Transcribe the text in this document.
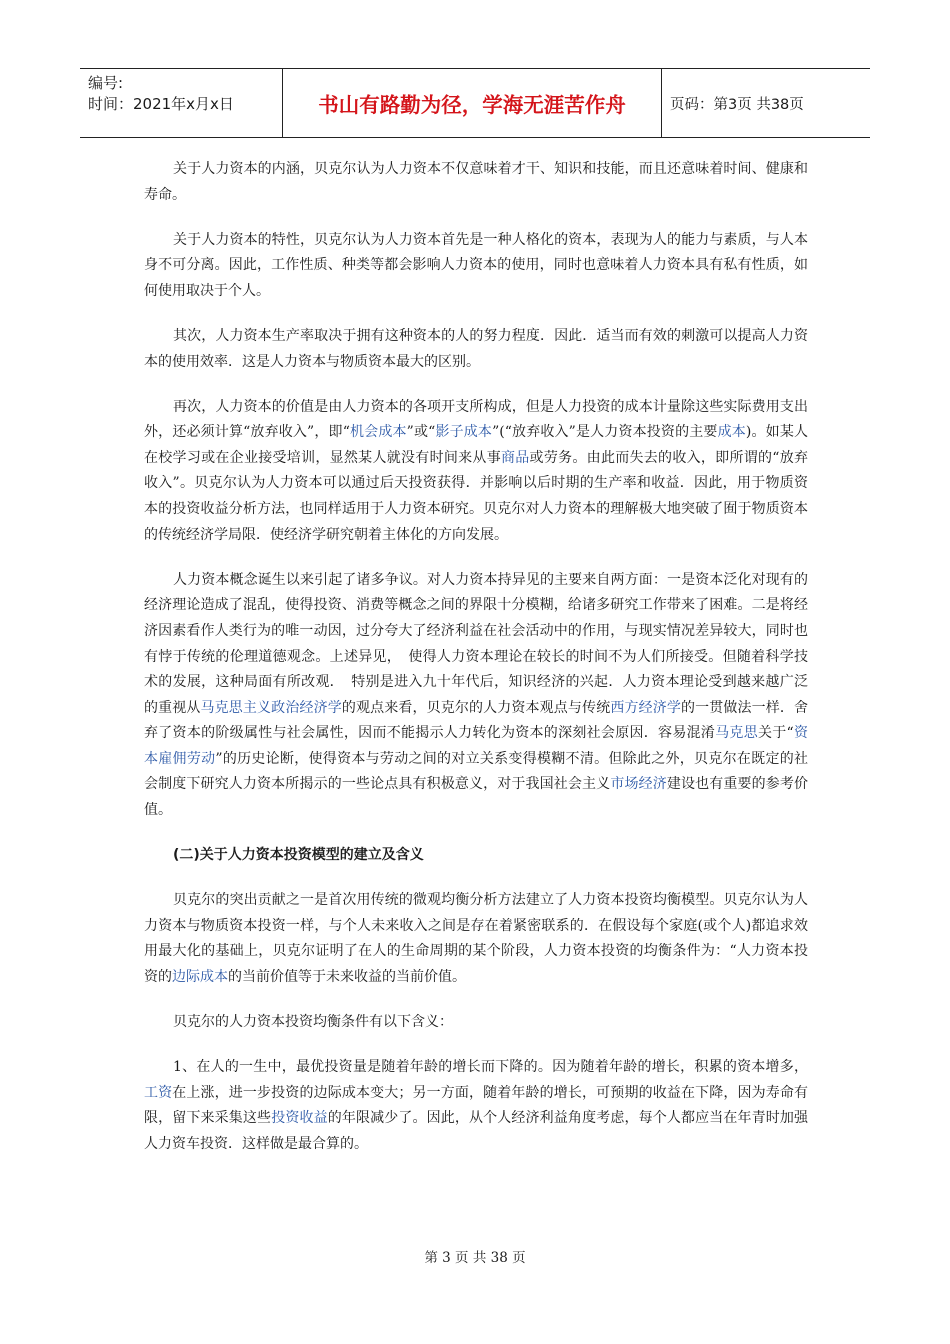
编号:
时间：2021年x月x日	书山有路勤为径，学海无涯苦作舟	页码：第3页 共38页

关于人力资本的内涵，贝克尔认为人力资本不仅意味着才干、知识和技能，而且还意味着时间、健康和寿命。

关于人力资本的特性，贝克尔认为人力资本首先是一种人格化的资本，表现为人的能力与素质，与人本身不可分离。因此，工作性质、种类等都会影响人力资本的使用，同时也意味着人力资本具有私有性质，如何使用取决于个人。

其次，人力资本生产率取决于拥有这种资本的人的努力程度．因此．适当而有效的刺激可以提高人力资本的使用效率．这是人力资本与物质资本最大的区别。

再次，人力资本的价值是由人力资本的各项开支所构成，但是人力投资的成本计量除这些实际费用支出外，还必须计算“放弃收入”，即“机会成本”或“影子成本”(“放弃收入”是人力资本投资的主要成本)。如某人在校学习或在企业接受培训，显然某人就没有时间来从事商品或劳务。由此而失去的收入，即所谓的“放弃收入”。贝克尔认为人力资本可以通过后天投资获得．并影响以后时期的生产率和收益．因此，用于物质资本的投资收益分析方法，也同样适用于人力资本研究。贝克尔对人力资本的理解极大地突破了囿于物质资本的传统经济学局限．使经济学研究朝着主体化的方向发展。

人力资本概念诞生以来引起了诸多争议。对人力资本持异见的主要来自两方面：一是资本泛化对现有的经济理论造成了混乱，使得投资、消费等概念之间的界限十分模糊，给诸多研究工作带来了困难。二是将经济因素看作人类行为的唯一动因，过分夸大了经济利益在社会活动中的作用，与现实情况差异较大，同时也有悖于传统的伦理道德观念。上述异见，　使得人力资本理论在较长的时间不为人们所接受。但随着科学技术的发展，这种局面有所改观．　特别是进入九十年代后，知识经济的兴起．人力资本理论受到越来越广泛的重视从马克思主义政治经济学的观点来看，贝克尔的人力资本观点与传统西方经济学的一贯做法一样．舍弃了资本的阶级属性与社会属性，因而不能揭示人力转化为资本的深刻社会原因．容易混淆马克思关于“资本雇佣劳动”的历史论断，使得资本与劳动之间的对立关系变得模糊不清。但除此之外，贝克尔在既定的社会制度下研究人力资本所揭示的一些论点具有积极意义，对于我国社会主义市场经济建设也有重要的参考价值。

(二)关于人力资本投资模型的建立及含义

贝克尔的突出贡献之一是首次用传统的微观均衡分析方法建立了人力资本投资均衡模型。贝克尔认为人力资本与物质资本投资一样，与个人未来收入之间是存在着紧密联系的．在假设每个家庭(或个人)都追求效用最大化的基础上，贝克尔证明了在人的生命周期的某个阶段，人力资本投资的均衡条件为：“人力资本投资的边际成本的当前价值等于未来收益的当前价值。

贝克尔的人力资本投资均衡条件有以下含义：

1、在人的一生中，最优投资量是随着年龄的增长而下降的。因为随着年龄的增长，积累的资本增多，工资在上涨，进一步投资的边际成本变大；另一方面，随着年龄的增长，可预期的收益在下降，因为寿命有限，留下来采集这些投资收益的年限减少了。因此，从个人经济利益角度考虑，每个人都应当在年青时加强人力资车投资．这样做是最合算的。

第 3 页 共 38 页
